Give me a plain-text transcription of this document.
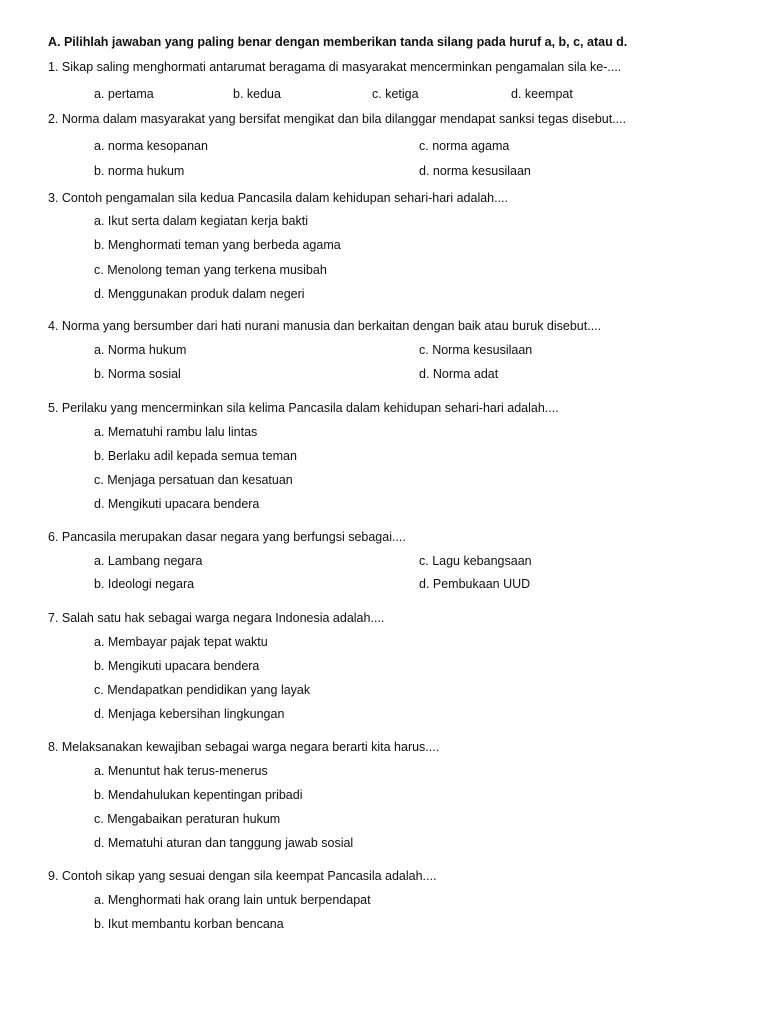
A. Pilihlah jawaban yang paling benar dengan memberikan tanda silang pada huruf a, b, c, atau d.
1. Sikap saling menghormati antarumat beragama di masyarakat mencerminkan pengamalan sila ke-....
a. pertama	b. kedua	c. ketiga	d. keempat
2. Norma dalam masyarakat yang bersifat mengikat dan bila dilanggar mendapat sanksi tegas disebut....
a. norma kesopanan	c. norma agama
b. norma hukum	d. norma kesusilaan
3. Contoh pengamalan sila kedua Pancasila dalam kehidupan sehari-hari adalah....
a. Ikut serta dalam kegiatan kerja bakti
b. Menghormati teman yang berbeda agama
c. Menolong teman yang terkena musibah
d. Menggunakan produk dalam negeri
4. Norma yang bersumber dari hati nurani manusia dan berkaitan dengan baik atau buruk disebut....
a. Norma hukum	c. Norma kesusilaan
b. Norma sosial	d. Norma adat
5. Perilaku yang mencerminkan sila kelima Pancasila dalam kehidupan sehari-hari adalah....
a. Mematuhi rambu lalu lintas
b. Berlaku adil kepada semua teman
c. Menjaga persatuan dan kesatuan
d. Mengikuti upacara bendera
6. Pancasila merupakan dasar negara yang berfungsi sebagai....
a. Lambang negara	c. Lagu kebangsaan
b. Ideologi negara	d. Pembukaan UUD
7. Salah satu hak sebagai warga negara Indonesia adalah....
a. Membayar pajak tepat waktu
b. Mengikuti upacara bendera
c. Mendapatkan pendidikan yang layak
d. Menjaga kebersihan lingkungan
8. Melaksanakan kewajiban sebagai warga negara berarti kita harus....
a. Menuntut hak terus-menerus
b. Mendahulukan kepentingan pribadi
c. Mengabaikan peraturan hukum
d. Mematuhi aturan dan tanggung jawab sosial
9. Contoh sikap yang sesuai dengan sila keempat Pancasila adalah....
a. Menghormati hak orang lain untuk berpendapat
b. Ikut membantu korban bencana
